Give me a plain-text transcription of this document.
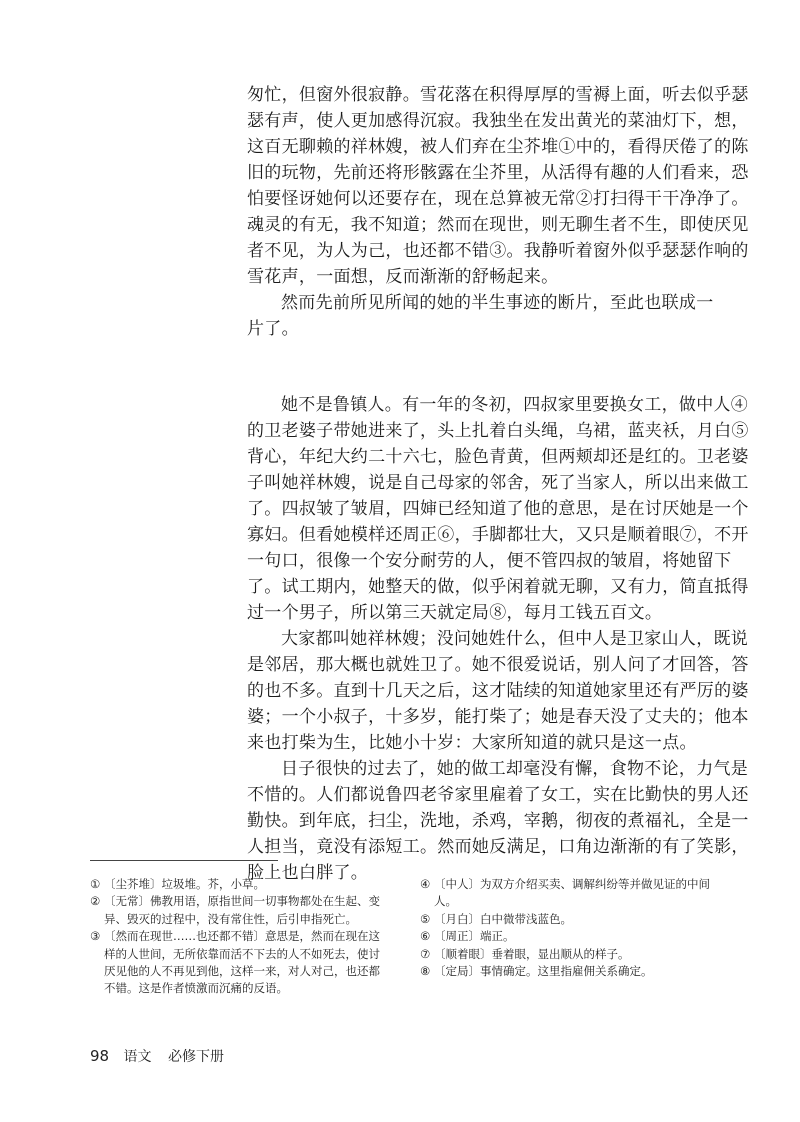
匆忙，但窗外很寂静。雪花落在积得厚厚的雪褥上面，听去似乎瑟
瑟有声，使人更加感得沉寂。我独坐在发出黄光的菜油灯下，想，
这百无聊赖的祥林嫂，被人们弃在尘芥堆①中的，看得厌倦了的陈
旧的玩物，先前还将形骸露在尘芥里，从活得有趣的人们看来，恐
怕要怪讶她何以还要存在，现在总算被无常②打扫得干干净净了。
魂灵的有无，我不知道；然而在现世，则无聊生者不生，即使厌见
者不见，为人为己，也还都不错③。我静听着窗外似乎瑟瑟作响的
雪花声，一面想，反而渐渐的舒畅起来。
然而先前所见所闻的她的半生事迹的断片，至此也联成一
片了。
她不是鲁镇人。有一年的冬初，四叔家里要换女工，做中人④
的卫老婆子带她进来了，头上扎着白头绳，乌裙，蓝夹袄，月白⑤
背心，年纪大约二十六七，脸色青黄，但两颊却还是红的。卫老婆
子叫她祥林嫂，说是自己母家的邻舍，死了当家人，所以出来做工
了。四叔皱了皱眉，四婶已经知道了他的意思，是在讨厌她是一个
寡妇。但看她模样还周正⑥，手脚都壮大，又只是顺着眼⑦，不开
一句口，很像一个安分耐劳的人，便不管四叔的皱眉，将她留下
了。试工期内，她整天的做，似乎闲着就无聊，又有力，简直抵得
过一个男子，所以第三天就定局⑧，每月工钱五百文。
大家都叫她祥林嫂；没问她姓什么，但中人是卫家山人，既说
是邻居，那大概也就姓卫了。她不很爱说话，别人问了才回答，答
的也不多。直到十几天之后，这才陆续的知道她家里还有严厉的婆
婆；一个小叔子，十多岁，能打柴了；她是春天没了丈夫的；他本
来也打柴为生，比她小十岁：大家所知道的就只是这一点。
日子很快的过去了，她的做工却毫没有懈，食物不论，力气是
不惜的。人们都说鲁四老爷家里雇着了女工，实在比勤快的男人还
勤快。到年底，扫尘，洗地，杀鸡，宰鹅，彻夜的煮福礼，全是一
人担当，竟没有添短工。然而她反满足，口角边渐渐的有了笑影，
脸上也白胖了。
① 〔尘芥堆〕垃圾堆。芥，小草。
② 〔无常〕佛教用语，原指世间一切事物都处在生起、变异、毁灭的过程中，没有常住性，后引申指死亡。
③ 〔然而在现世……也还都不错〕意思是，然而在现在这样的人世间，无所依靠而活不下去的人不如死去，使讨厌见他的人不再见到他，这样一来，对人对己，也还都不错。这是作者愤激而沉痛的反语。
④ 〔中人〕为双方介绍买卖、调解纠纷等并做见证的中间人。
⑤ 〔月白〕白中微带浅蓝色。
⑥ 〔周正〕端正。
⑦ 〔顺着眼〕垂着眼，显出顺从的样子。
⑧ 〔定局〕事情确定。这里指雇佣关系确定。
98 语文 必修下册
